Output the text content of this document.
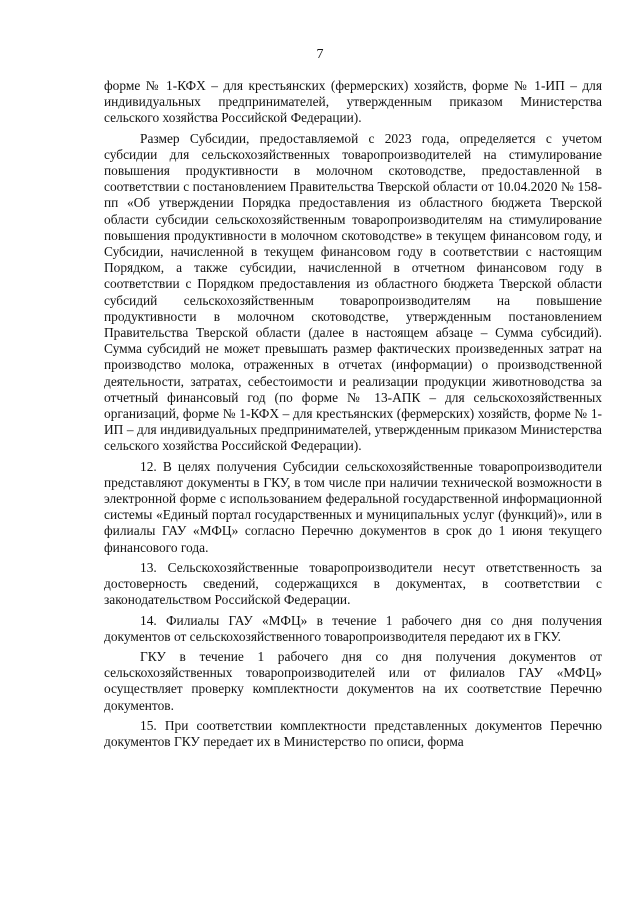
7

форме № 1-КФХ – для крестьянских (фермерских) хозяйств, форме № 1-ИП – для индивидуальных предпринимателей, утвержденным приказом Министерства сельского хозяйства Российской Федерации).

Размер Субсидии, предоставляемой с 2023 года, определяется с учетом субсидии для сельскохозяйственных товаропроизводителей на стимулирование повышения продуктивности в молочном скотоводстве, предоставленной в соответствии с постановлением Правительства Тверской области от 10.04.2020 № 158-пп «Об утверждении Порядка предоставления из областного бюджета Тверской области субсидии сельскохозяйственным товаропроизводителям на стимулирование повышения продуктивности в молочном скотоводстве» в текущем финансовом году, и Субсидии, начисленной в текущем финансовом году в соответствии с настоящим Порядком, а также субсидии, начисленной в отчетном финансовом году в соответствии с Порядком предоставления из областного бюджета Тверской области субсидий сельскохозяйственным товаропроизводителям на повышение продуктивности в молочном скотоводстве, утвержденным постановлением Правительства Тверской области (далее в настоящем абзаце – Сумма субсидий). Сумма субсидий не может превышать размер фактических произведенных затрат на производство молока, отраженных в отчетах (информации) о производственной деятельности, затратах, себестоимости и реализации продукции животноводства за отчетный финансовый год (по форме № 13-АПК – для сельскохозяйственных организаций, форме № 1-КФХ – для крестьянских (фермерских) хозяйств, форме № 1-ИП – для индивидуальных предпринимателей, утвержденным приказом Министерства сельского хозяйства Российской Федерации).

12. В целях получения Субсидии сельскохозяйственные товаропроизводители представляют документы в ГКУ, в том числе при наличии технической возможности в электронной форме с использованием федеральной государственной информационной системы «Единый портал государственных и муниципальных услуг (функций)», или в филиалы ГАУ «МФЦ» согласно Перечню документов в срок до 1 июня текущего финансового года.

13. Сельскохозяйственные товаропроизводители несут ответственность за достоверность сведений, содержащихся в документах, в соответствии с законодательством Российской Федерации.

14. Филиалы ГАУ «МФЦ» в течение 1 рабочего дня со дня получения документов от сельскохозяйственного товаропроизводителя передают их в ГКУ.

ГКУ в течение 1 рабочего дня со дня получения документов от сельскохозяйственных товаропроизводителей или от филиалов ГАУ «МФЦ» осуществляет проверку комплектности документов на их соответствие Перечню документов.

15. При соответствии комплектности представленных документов Перечню документов ГКУ передает их в Министерство по описи, форма
